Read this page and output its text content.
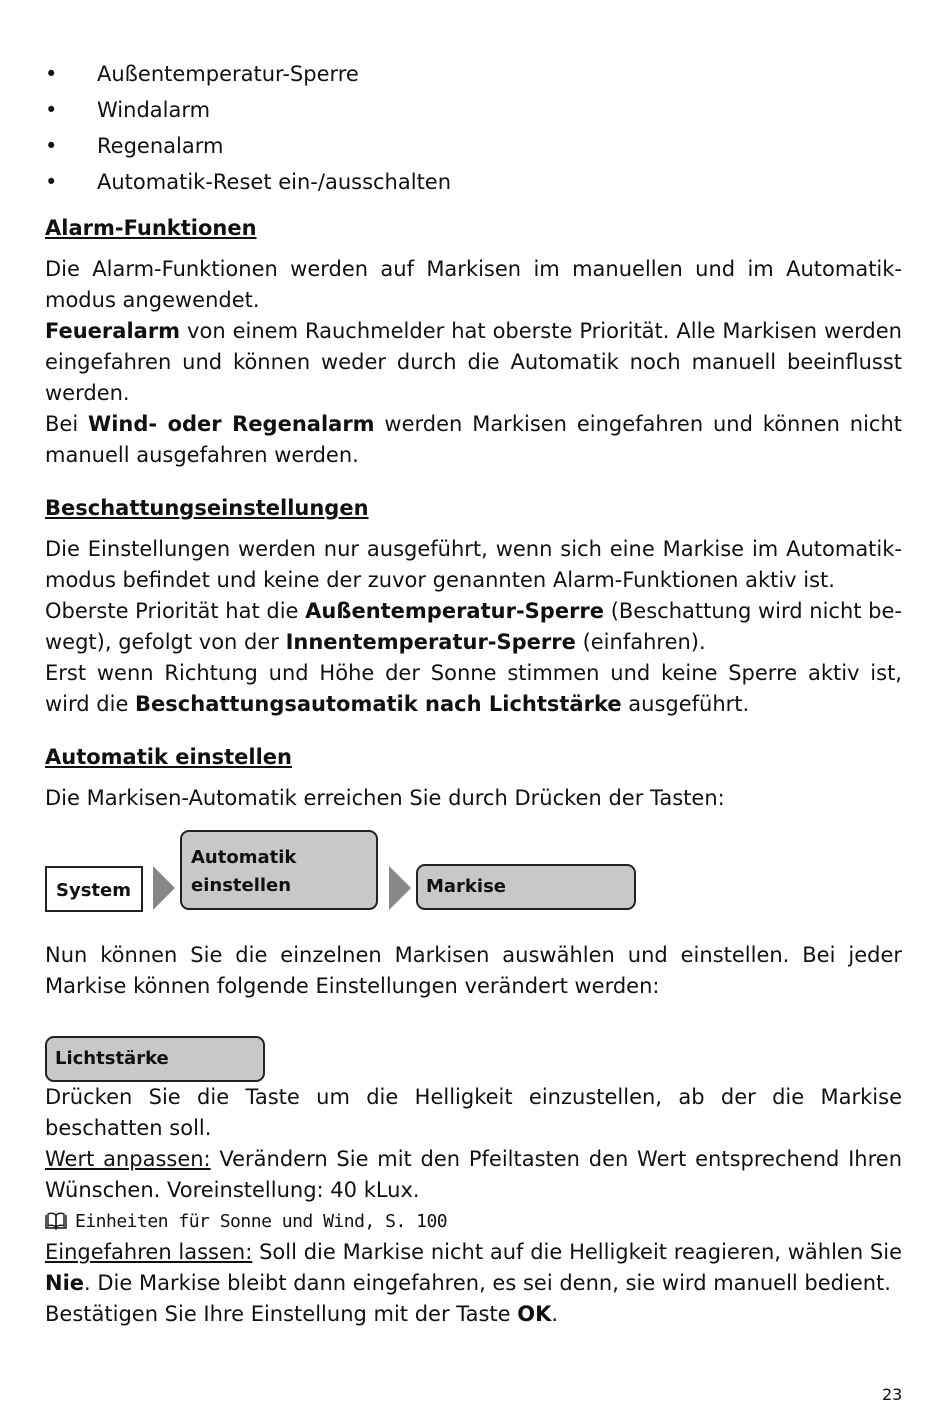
• Außentemperatur-Sperre
• Windalarm
• Regenalarm
• Automatik-Reset ein-/ausschalten
Alarm-Funktionen

Die Alarm-Funktionen werden auf Markisen im manuellen und im Automatik-modus angewendet.

Feueralarm von einem Rauchmelder hat oberste Priorität. Alle Markisen werden eingefahren und können weder durch die Automatik noch manuell beeinflusst werden.

Bei Wind- oder Regenalarm werden Markisen eingefahren und können nicht manuell ausgefahren werden.

Beschattungseinstellungen

Die Einstellungen werden nur ausgeführt, wenn sich eine Markise im Automatik-modus befindet und keine der zuvor genannten Alarm-Funktionen aktiv ist.

Oberste Priorität hat die Außentemperatur-Sperre (Beschattung wird nicht be-wegt), gefolgt von der Innentemperatur-Sperre (einfahren).

Erst wenn Richtung und Höhe der Sonne stimmen und keine Sperre aktiv ist, wird die Beschattungsautomatik nach Lichtstärke ausgeführt.

Automatik einstellen

Die Markisen-Automatik erreichen Sie durch Drücken der Tasten:

System
Automatik
einstellen	Markise

Nun können Sie die einzelnen Markisen auswählen und einstellen. Bei jeder Markise können folgende Einstellungen verändert werden:

Lichtstärke

Drücken Sie die Taste um die Helligkeit einzustellen, ab der die Markise beschatten soll.

Wert anpassen: Verändern Sie mit den Pfeiltasten den Wert entsprechend Ihren Wünschen. Voreinstellung: 40 kLux.

Einheiten für Sonne und Wind, S. 100

Eingefahren lassen: Soll die Markise nicht auf die Helligkeit reagieren, wählen Sie Nie. Die Markise bleibt dann eingefahren, es sei denn, sie wird manuell bedient.

Bestätigen Sie Ihre Einstellung mit der Taste OK.

23
